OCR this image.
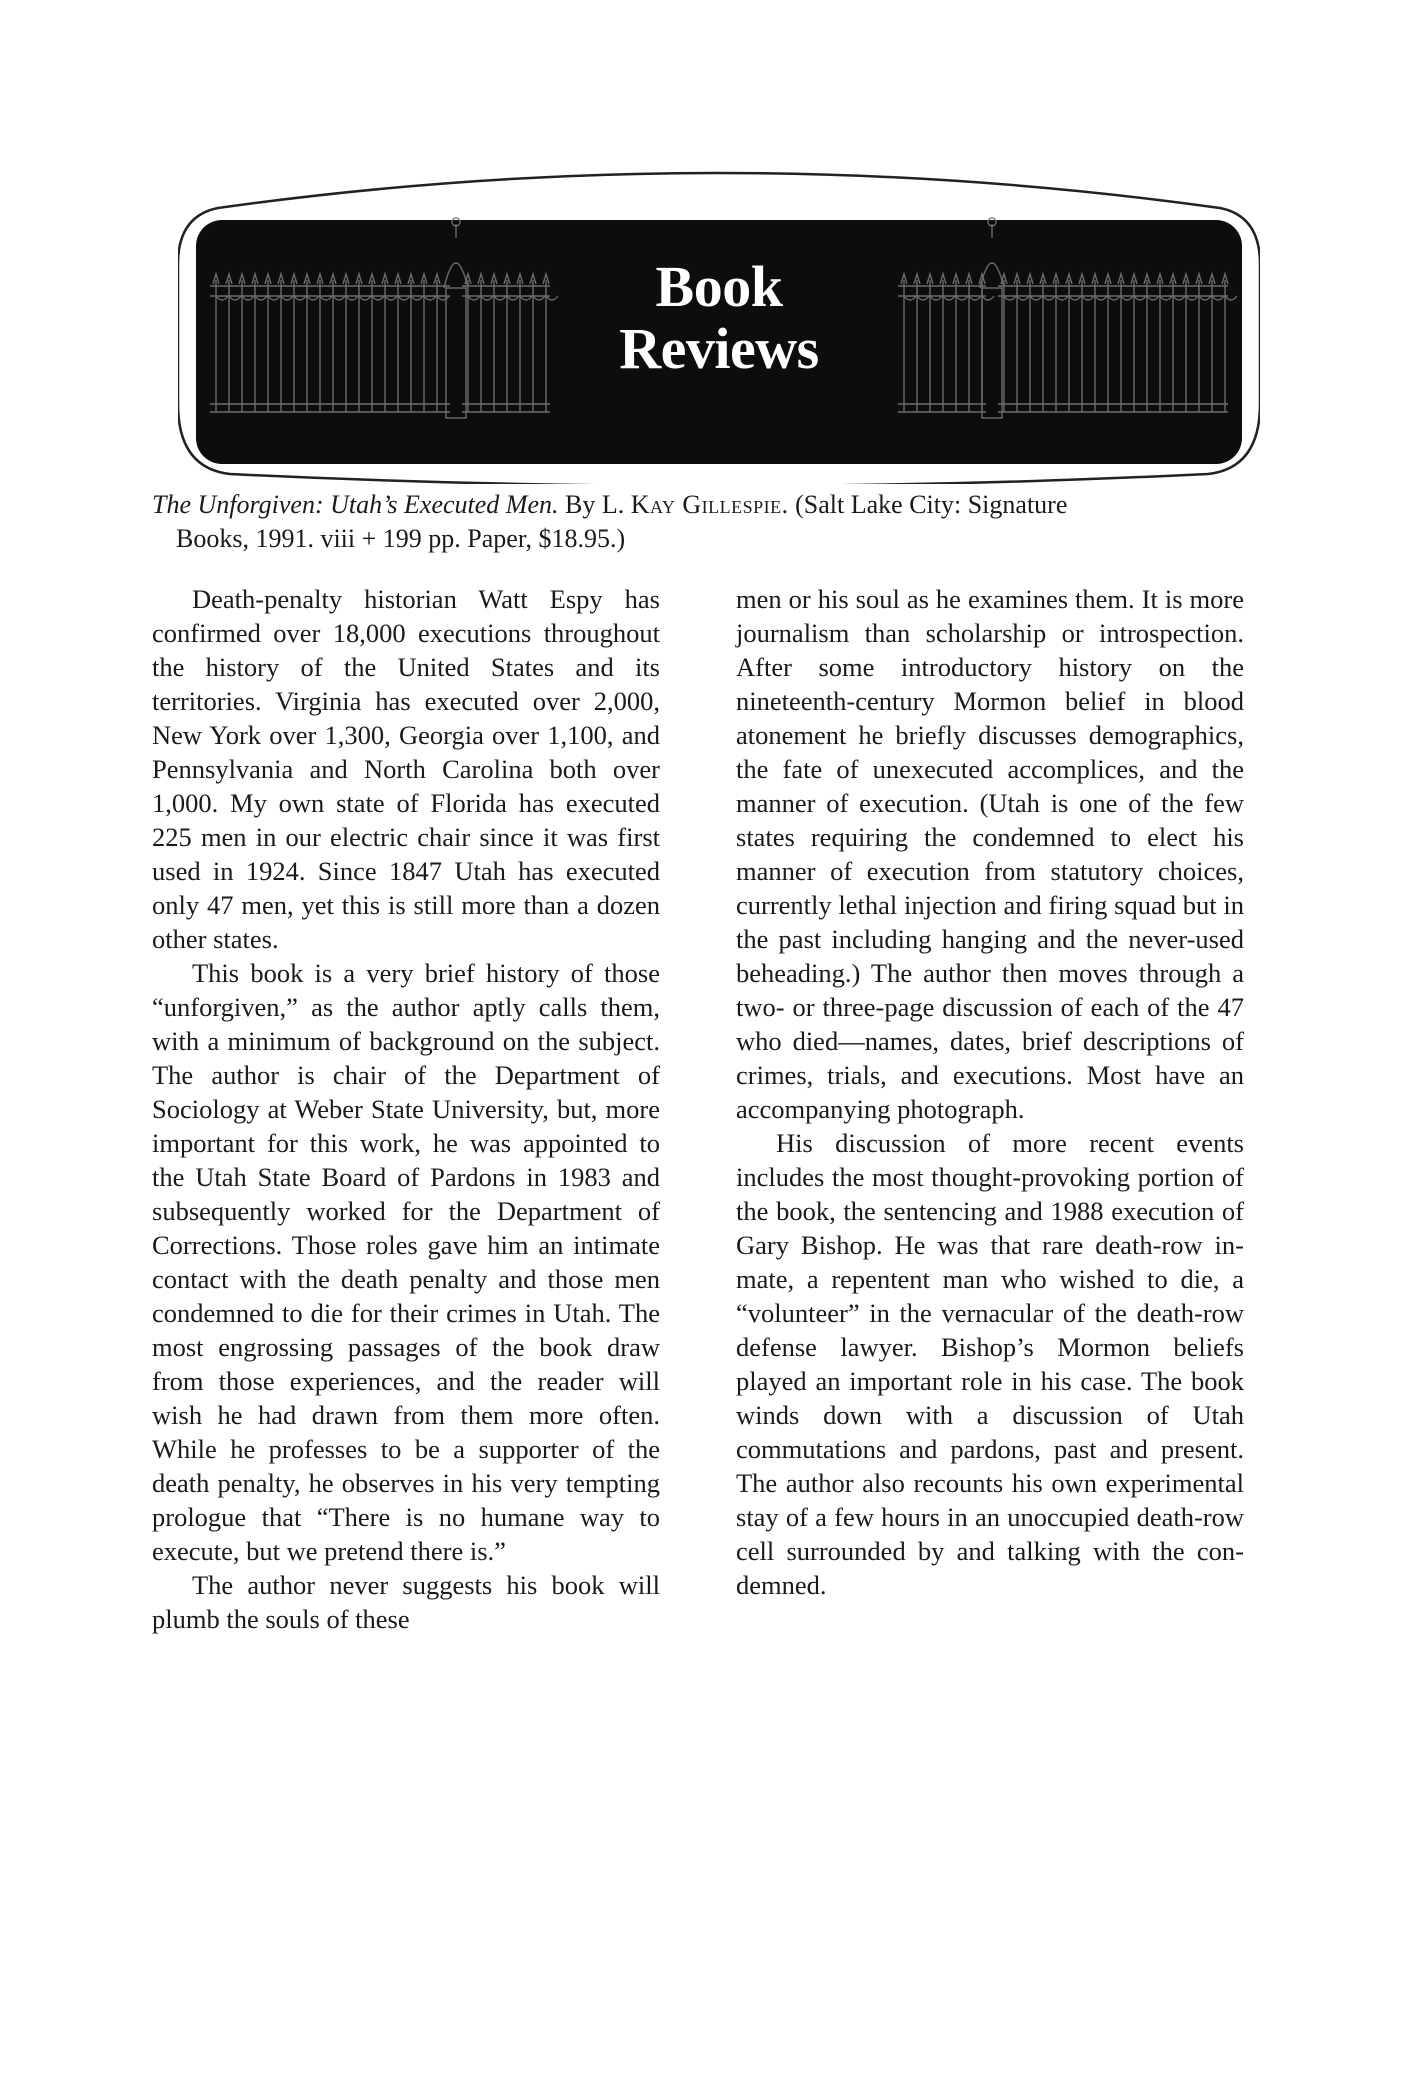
Book
Reviews
The Unforgiven: Utah’s Executed Men. By L. Kay Gillespie. (Salt Lake City: Signature
Books, 1991. viii + 199 pp. Paper, $18.95.)

Death-penalty historian Watt Espy has confirmed over 18,000 executions throughout the history of the United States and its territories. Virginia has executed over 2,000, New York over 1,300, Georgia over 1,100, and Pennsylvania and North Carolina both over 1,000. My own state of Florida has executed 225 men in our electric chair since it was first used in 1924. Since 1847 Utah has executed only 47 men, yet this is still more than a dozen other states.

This book is a very brief history of those “unforgiven,” as the author aptly calls them, with a minimum of background on the subject. The author is chair of the Department of Sociology at Weber State University, but, more important for this work, he was appointed to the Utah State Board of Pardons in 1983 and subsequently worked for the Department of Corrections. Those roles gave him an intimate contact with the death penalty and those men condemned to die for their crimes in Utah. The most engrossing passages of the book draw from those experiences, and the reader will wish he had drawn from them more often. While he professes to be a supporter of the death penalty, he observes in his very tempting prologue that “There is no humane way to execute, but we pretend there is.”

The author never suggests his book will plumb the souls of these

men or his soul as he examines them. It is more journalism than scholarship or introspection. After some introductory history on the nineteenth-century Mormon belief in blood atonement he briefly discusses demographics, the fate of unexecuted accomplices, and the manner of execution. (Utah is one of the few states requiring the condemned to elect his manner of execution from statutory choices, currently lethal injection and firing squad but in the past including hanging and the never-used beheading.) The author then moves through a two- or three-page discussion of each of the 47 who died—names, dates, brief descriptions of crimes, trials, and executions. Most have an accompanying photograph.

His discussion of more recent events includes the most thought-provoking portion of the book, the sentencing and 1988 execution of Gary Bishop. He was that rare death-row inmate, a repentent man who wished to die, a “volunteer” in the vernacular of the death-row defense lawyer. Bishop’s Mormon beliefs played an important role in his case. The book winds down with a discussion of Utah commutations and pardons, past and present. The author also recounts his own experimental stay of a few hours in an unoccupied death-row cell surrounded by and talking with the condemned.
